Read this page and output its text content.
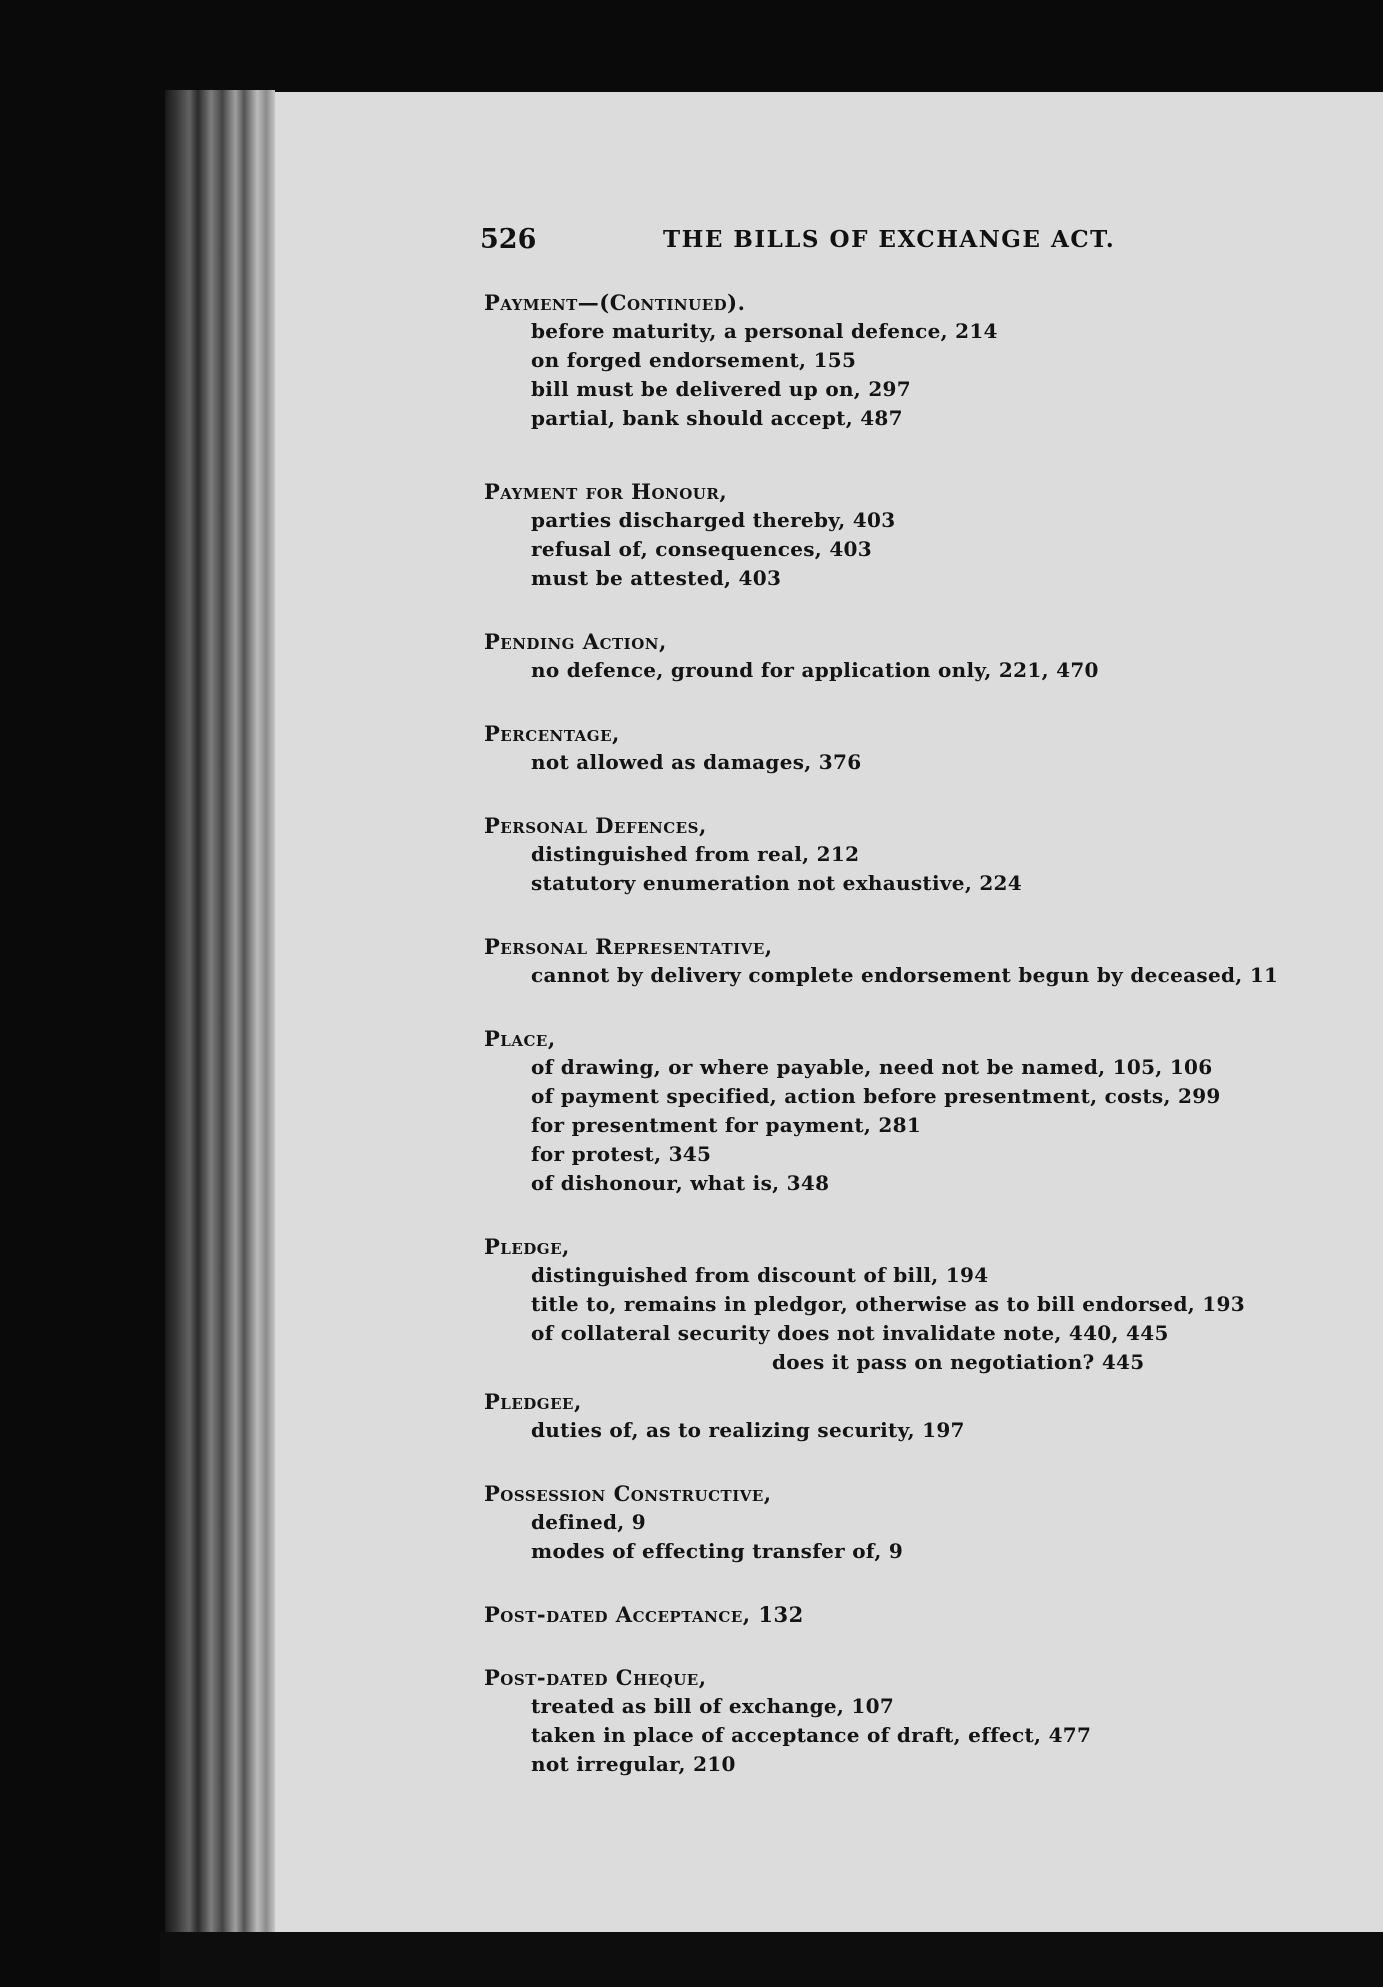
526	THE BILLS OF EXCHANGE ACT.
Payment—(Continued).
before maturity, a personal defence, 214
on forged endorsement, 155
bill must be delivered up on, 297
partial, bank should accept, 487
Payment for Honour,
parties discharged thereby, 403
refusal of, consequences, 403
must be attested, 403
Pending Action,
no defence, ground for application only, 221, 470
Percentage,
not allowed as damages, 376
Personal Defences,
distinguished from real, 212
statutory enumeration not exhaustive, 224
Personal Representative,
cannot by delivery complete endorsement begun by deceased, 11
Place,
of drawing, or where payable, need not be named, 105, 106
of payment specified, action before presentment, costs, 299
for presentment for payment, 281
for protest, 345
of dishonour, what is, 348
Pledge,
distinguished from discount of bill, 194
title to, remains in pledgor, otherwise as to bill endorsed, 193
of collateral security does not invalidate note, 440, 445
does it pass on negotiation? 445
Pledgee,
duties of, as to realizing security, 197
Possession Constructive,
defined, 9
modes of effecting transfer of, 9
Post-dated Acceptance, 132
Post-dated Cheque,
treated as bill of exchange, 107
taken in place of acceptance of draft, effect, 477
not irregular, 210
